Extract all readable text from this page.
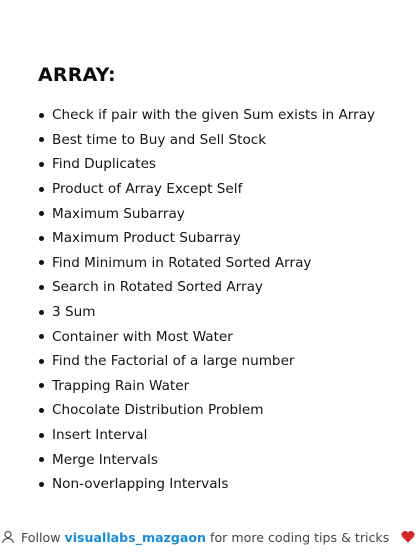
ARRAY:
Check if pair with the given Sum exists in Array
Best time to Buy and Sell Stock
Find Duplicates
Product of Array Except Self
Maximum Subarray
Maximum Product Subarray
Find Minimum in Rotated Sorted Array
Search in Rotated Sorted Array
3 Sum
Container with Most Water
Find the Factorial of a large number
Trapping Rain Water
Chocolate Distribution Problem
Insert Interval
Merge Intervals
Non-overlapping Intervals
Follow visuallabs_mazgaon for more coding tips & tricks
